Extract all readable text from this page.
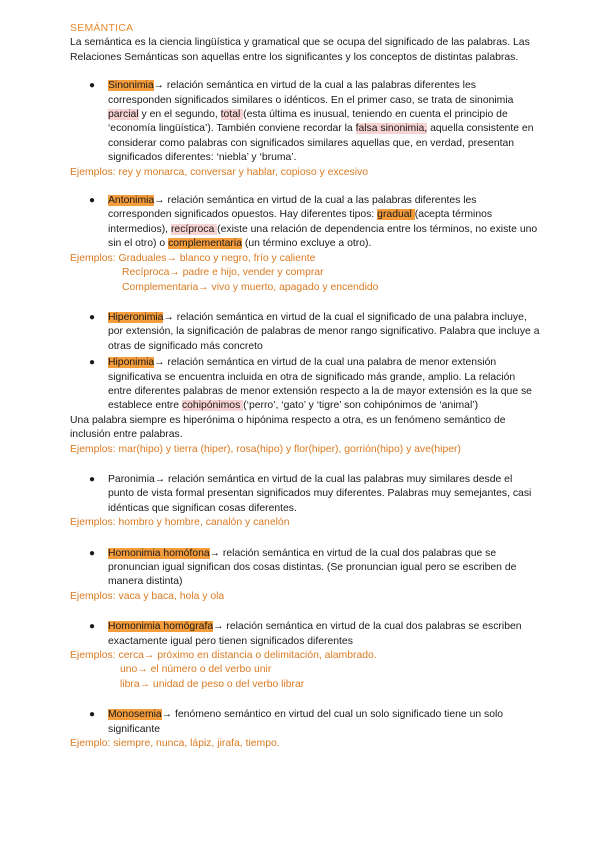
SEMÁNTICA
La semántica es la ciencia lingüística y gramatical que se ocupa del significado de las palabras. Las Relaciones Semánticas son aquellas entre los significantes y los conceptos de distintas palabras.
● Sinonimia→ relación semántica en virtud de la cual a las palabras diferentes les corresponden significados similares o idénticos. En el primer caso, se trata de sinonimia parcial y en el segundo, total (esta última es inusual, teniendo en cuenta el principio de ‘economía lingüística’). También conviene recordar la falsa sinonimia, aquella consistente en considerar como palabras con significados similares aquellas que, en verdad, presentan significados diferentes: ‘niebla’ y ‘bruma’.
Ejemplos: rey y monarca, conversar y hablar, copioso y excesivo
● Antonimia→ relación semántica en virtud de la cual a las palabras diferentes les corresponden significados opuestos. Hay diferentes tipos: gradual (acepta términos intermedios), recíproca (existe una relación de dependencia entre los términos, no existe uno sin el otro) o complementaria (un término excluye a otro).
Ejemplos: Graduales→ blanco y negro, frío y caliente
Recíproca→ padre e hijo, vender y comprar
Complementaria→ vivo y muerto, apagado y encendido
● Hiperonimia→ relación semántica en virtud de la cual el significado de una palabra incluye, por extensión, la significación de palabras de menor rango significativo. Palabra que incluye a otras de significado más concreto
● Hiponimia→ relación semántica en virtud de la cual una palabra de menor extensión significativa se encuentra incluida en otra de significado más grande, amplio. La relación entre diferentes palabras de menor extensión respecto a la de mayor extensión es la que se establece entre cohipónimos (‘perro’, ‘gato’ y ‘tigre’ son cohipónimos de ‘animal’)
Una palabra siempre es hiperónima o hipónima respecto a otra, es un fenómeno semántico de inclusión entre palabras.
Ejemplos: mar(hipo) y tierra (hiper), rosa(hipo) y flor(hiper), gorrión(hipo) y ave(hiper)
● Paronimia→ relación semántica en virtud de la cual las palabras muy similares desde el punto de vista formal presentan significados muy diferentes. Palabras muy semejantes, casi idénticas que significan cosas diferentes.
Ejemplos: hombro y hombre, canalón y canelón
● Homonimia homófona→ relación semántica en virtud de la cual dos palabras que se pronuncian igual significan dos cosas distintas. (Se pronuncian igual pero se escriben de manera distinta)
Ejemplos: vaca y baca, hola y ola
● Homonimia homógrafa→ relación semántica en virtud de la cual dos palabras se escriben exactamente igual pero tienen significados diferentes
Ejemplos: cerca→ próximo en distancia o delimitación, alambrado.
uno→ el número o del verbo unir
libra→ unidad de peso o del verbo librar
● Monosemia→ fenómeno semántico en virtud del cual un solo significado tiene un solo significante
Ejemplo: siempre, nunca, lápiz, jirafa, tiempo.
